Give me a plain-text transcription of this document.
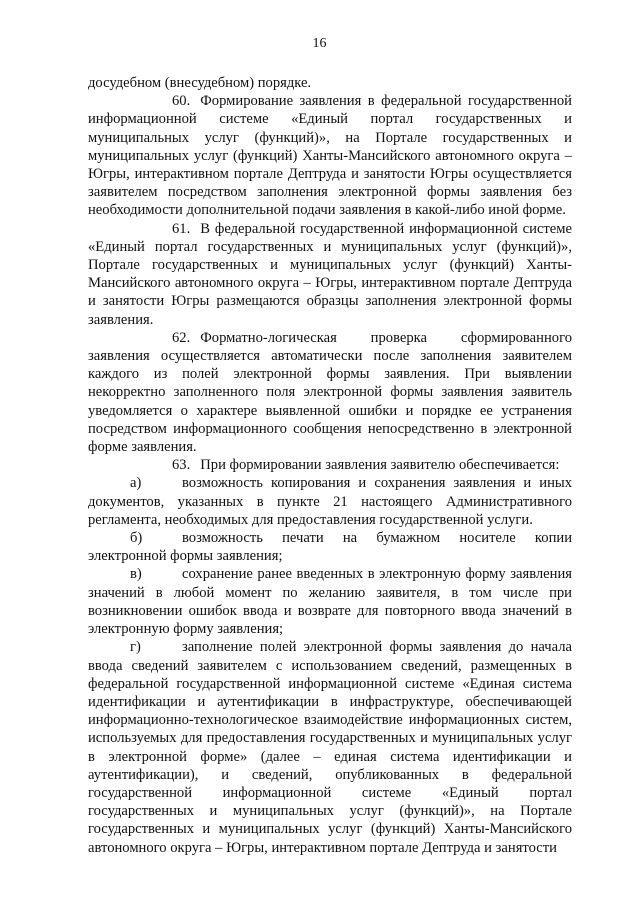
16

досудебном (внесудебном) порядке.

60. Формирование заявления в федеральной государственной информационной системе «Единый портал государственных и муниципальных услуг (функций)», на Портале государственных и муниципальных услуг (функций) Ханты-Мансийского автономного округа – Югры, интерактивном портале Дептруда и занятости Югры осуществляется заявителем посредством заполнения электронной формы заявления без необходимости дополнительной подачи заявления в какой-либо иной форме.

61. В федеральной государственной информационной системе «Единый портал государственных и муниципальных услуг (функций)», Портале государственных и муниципальных услуг (функций) Ханты-Мансийского автономного округа – Югры, интерактивном портале Дептруда и занятости Югры размещаются образцы заполнения электронной формы заявления.

62. Форматно-логическая проверка сформированного заявления осуществляется автоматически после заполнения заявителем каждого из полей электронной формы заявления. При выявлении некорректно заполненного поля электронной формы заявления заявитель уведомляется о характере выявленной ошибки и порядке ее устранения посредством информационного сообщения непосредственно в электронной форме заявления.

63. При формировании заявления заявителю обеспечивается:

а)	возможность копирования и сохранения заявления и иных документов, указанных в пункте 21 настоящего Административного регламента, необходимых для предоставления государственной услуги.

б)	возможность печати на бумажном носителе копии электронной формы заявления;

в)	сохранение ранее введенных в электронную форму заявления значений в любой момент по желанию заявителя, в том числе при возникновении ошибок ввода и возврате для повторного ввода значений в электронную форму заявления;

г)	заполнение полей электронной формы заявления до начала ввода сведений заявителем с использованием сведений, размещенных в федеральной государственной информационной системе «Единая система идентификации и аутентификации в инфраструктуре, обеспечивающей информационно-технологическое взаимодействие информационных систем, используемых для предоставления государственных и муниципальных услуг в электронной форме» (далее – единая система идентификации и аутентификации), и сведений, опубликованных в федеральной государственной информационной системе «Единый портал государственных и муниципальных услуг (функций)», на Портале государственных и муниципальных услуг (функций) Ханты-Мансийского автономного округа – Югры, интерактивном портале Дептруда и занятости
